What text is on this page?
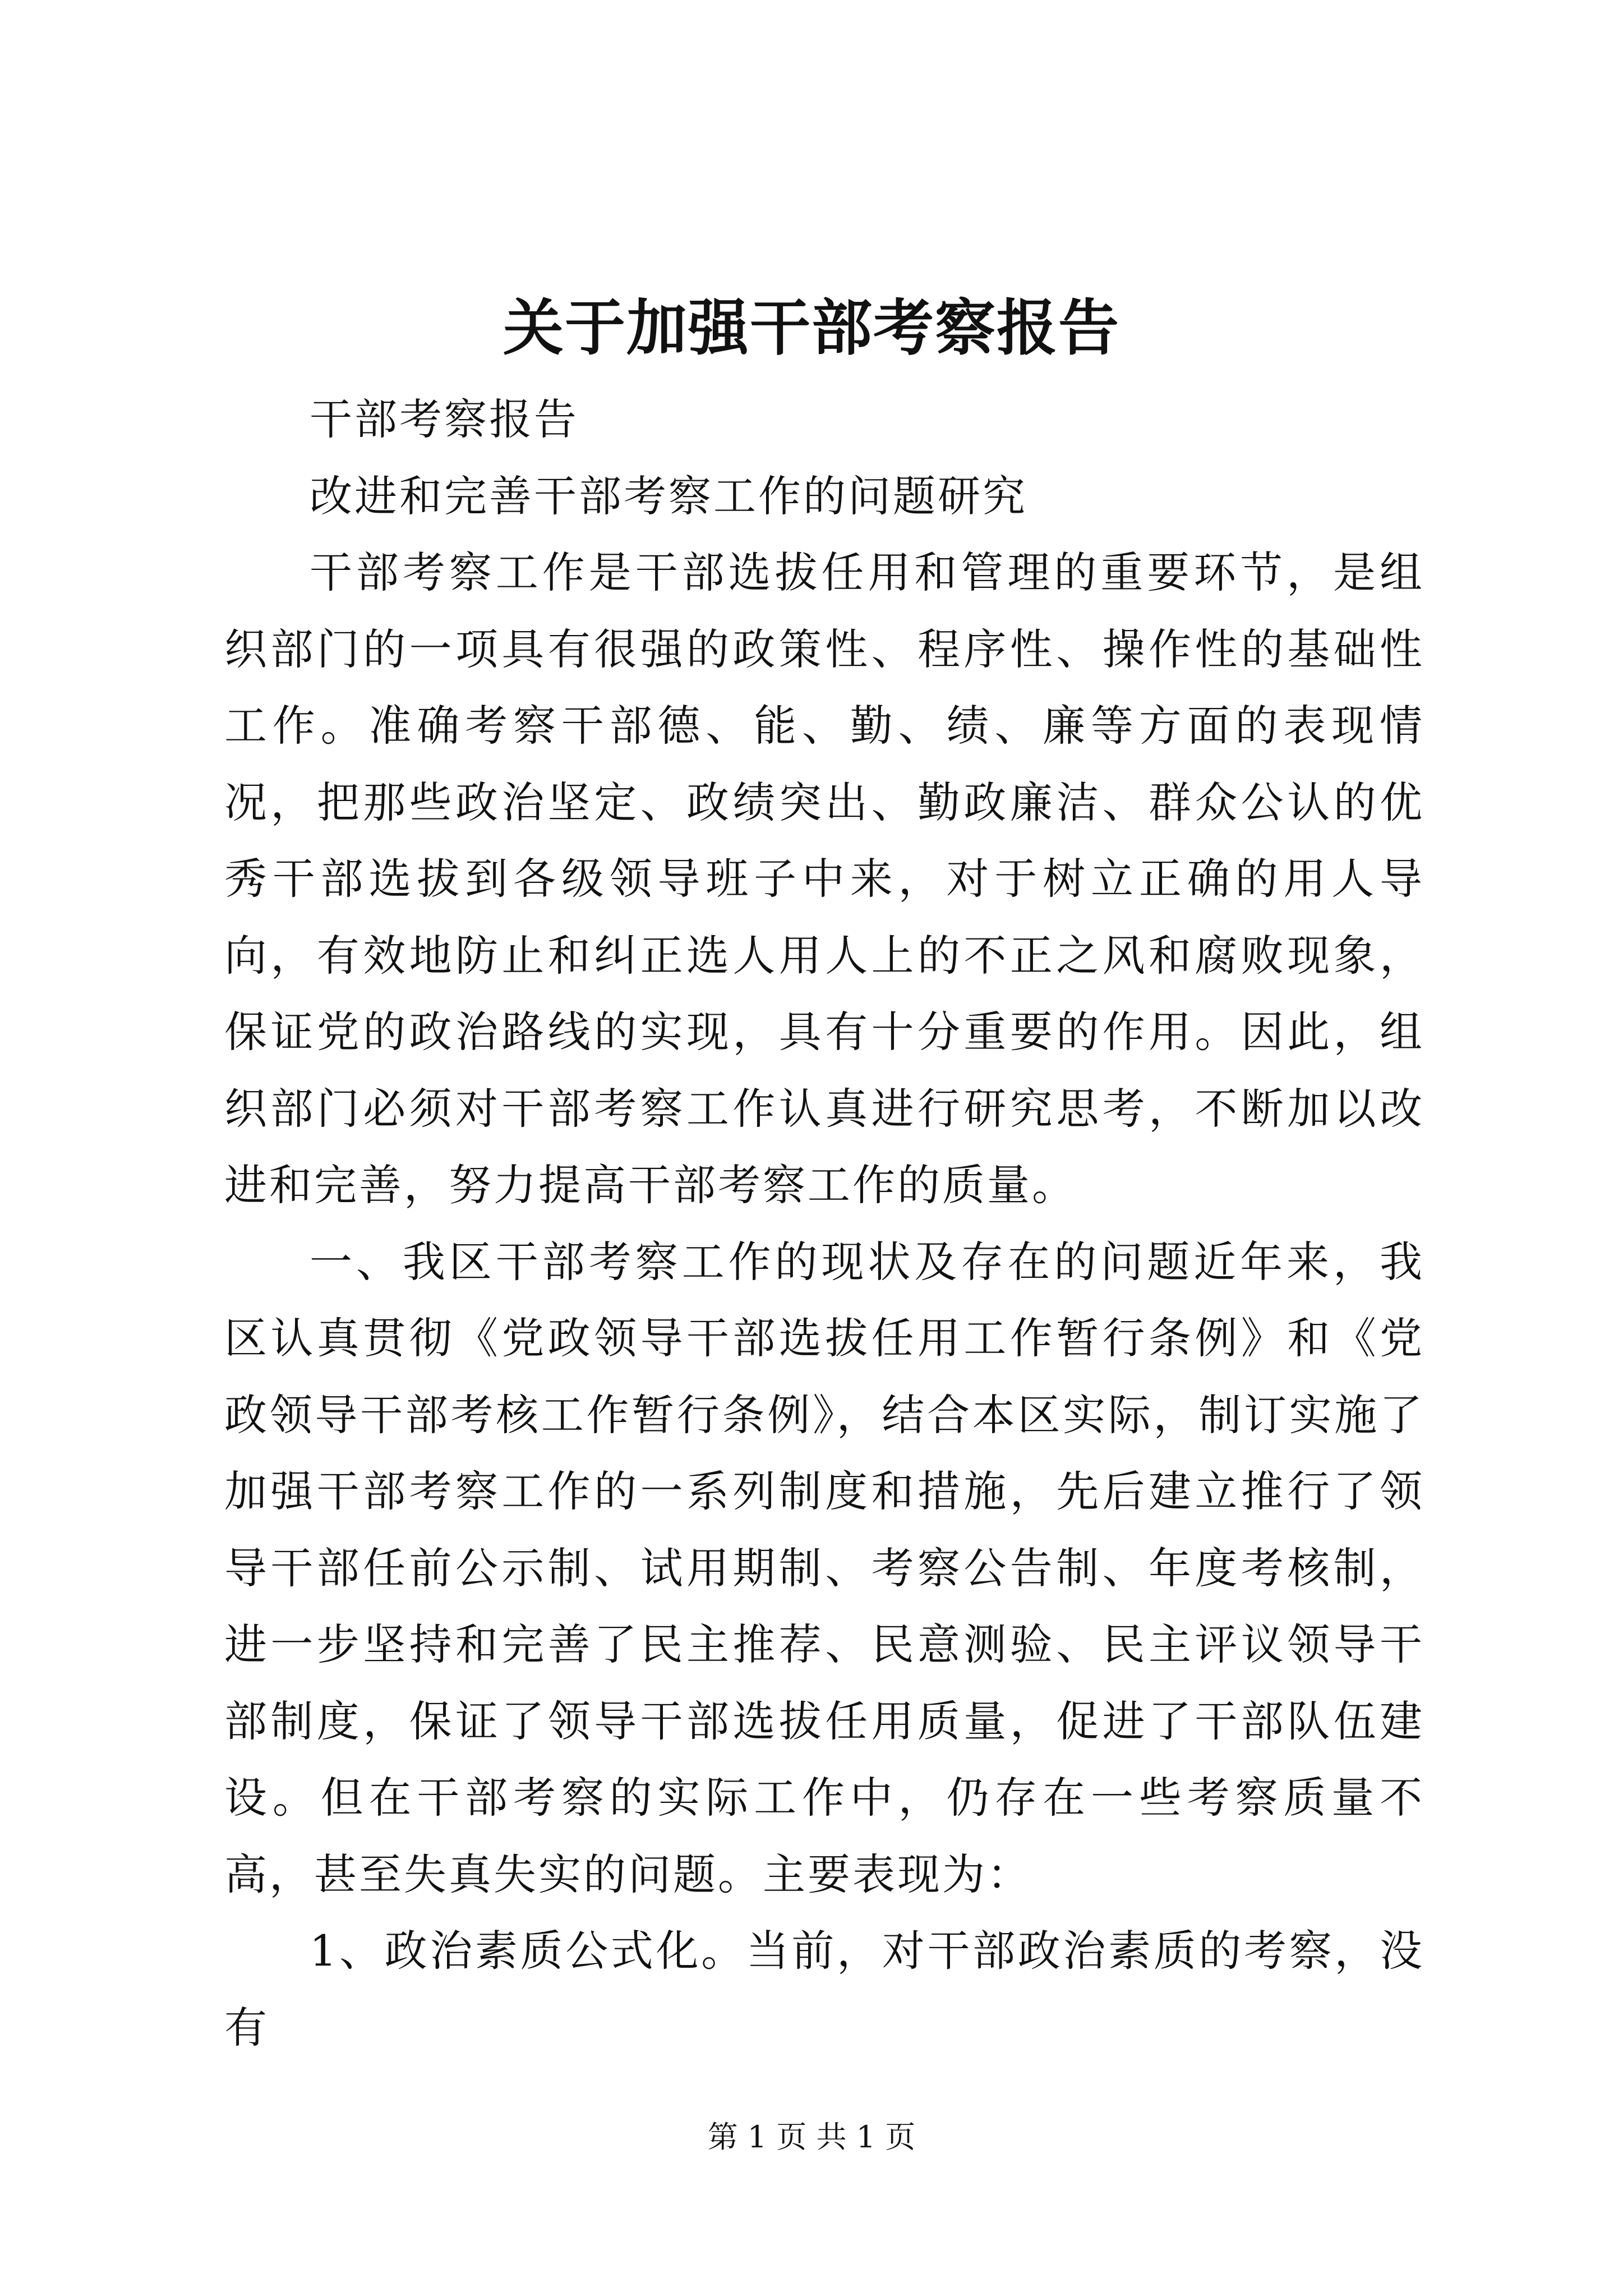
关于加强干部考察报告

干部考察报告

改进和完善干部考察工作的问题研究

干部考察工作是干部选拔任用和管理的重要环节，是组织部门的一项具有很强的政策性、程序性、操作性的基础性工作。准确考察干部德、能、勤、绩、廉等方面的表现情况，把那些政治坚定、政绩突出、勤政廉洁、群众公认的优秀干部选拔到各级领导班子中来，对于树立正确的用人导向，有效地防止和纠正选人用人上的不正之风和腐败现象，保证党的政治路线的实现，具有十分重要的作用。因此，组织部门必须对干部考察工作认真进行研究思考，不断加以改进和完善，努力提高干部考察工作的质量。

一、我区干部考察工作的现状及存在的问题近年来，我区认真贯彻《党政领导干部选拔任用工作暂行条例》和《党政领导干部考核工作暂行条例》，结合本区实际，制订实施了加强干部考察工作的一系列制度和措施，先后建立推行了领导干部任前公示制、试用期制、考察公告制、年度考核制，进一步坚持和完善了民主推荐、民意测验、民主评议领导干部制度，保证了领导干部选拔任用质量，促进了干部队伍建设。但在干部考察的实际工作中，仍存在一些考察质量不高，甚至失真失实的问题。主要表现为：

1、政治素质公式化。当前，对干部政治素质的考察，没有

第 1 页 共 1 页
